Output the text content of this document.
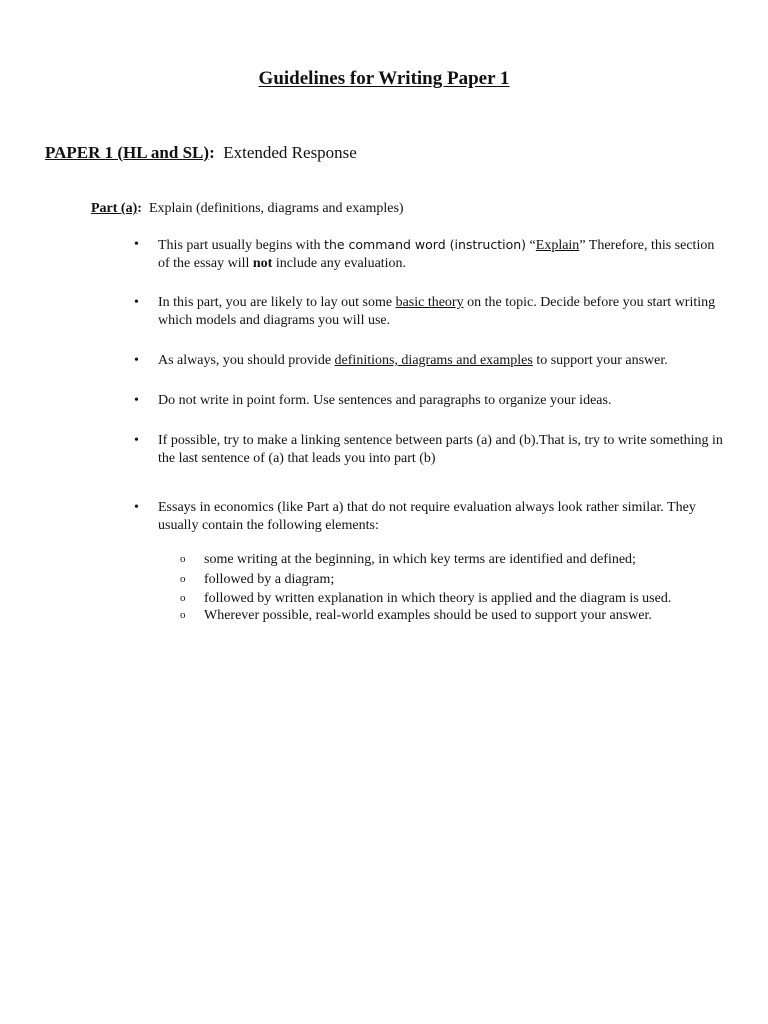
Guidelines for Writing Paper 1
PAPER 1 (HL and SL): Extended Response
Part (a): Explain (definitions, diagrams and examples)
•	This part usually begins with the command word (instruction) “Explain” Therefore, this section of the essay will not include any evaluation.
•	In this part, you are likely to lay out some basic theory on the topic. Decide before you start writing which models and diagrams you will use.
•	As always, you should provide definitions, diagrams and examples to support your answer.
•	Do not write in point form. Use sentences and paragraphs to organize your ideas.
•	If possible, try to make a linking sentence between parts (a) and (b).That is, try to write something in the last sentence of (a) that leads you into part (b)
•	Essays in economics (like Part a) that do not require evaluation always look rather similar. They usually contain the following elements:
o some writing at the beginning, in which key terms are identified and defined;
o followed by a diagram;
o followed by written explanation in which theory is applied and the diagram is used.
o Wherever possible, real-world examples should be used to support your answer.
